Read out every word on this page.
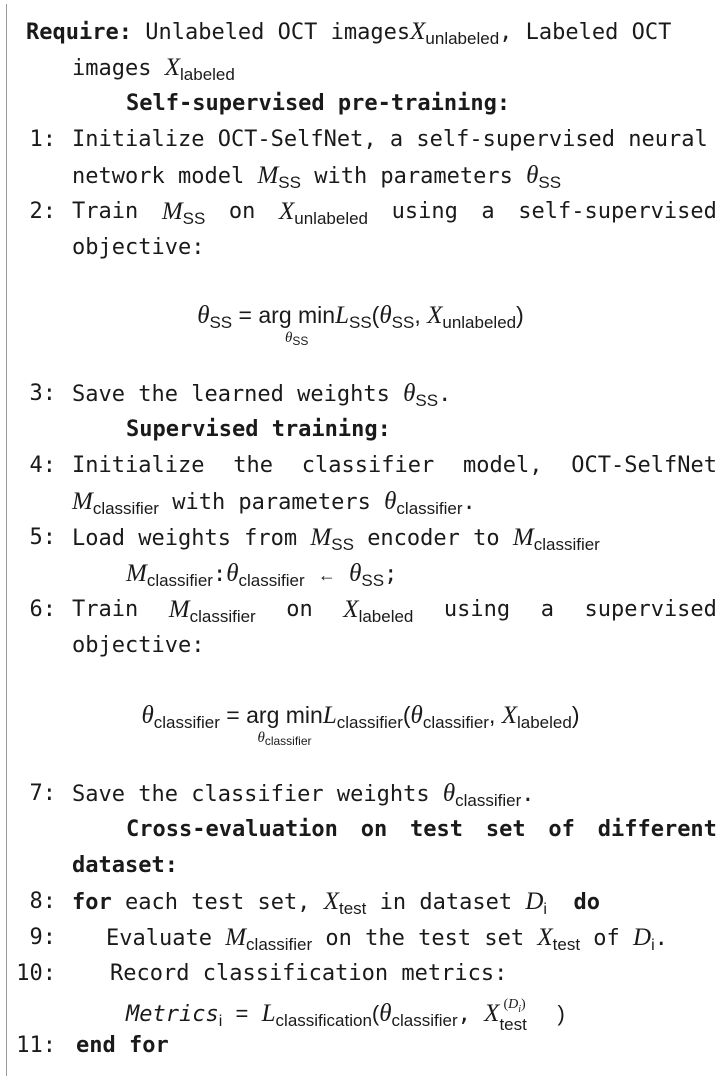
Require: Unlabeled OCT imagesX$_{unlabeled}$, Labeled OCT
images $X_{labeled}$
Self-supervised pre-training:
1: Initialize OCT-SelfNet, a self-supervised neural
network model $M_{SS}$ with parameters $\theta_{SS}$
2: Train $M_{SS}$ on $X_{unlabeled}$ using a self-supervised
objective:
$\theta_{SS}$ = arg min
$\theta_{SS}$
$L_{SS}(\theta_{SS}$, $X_{unlabeled}$)
3: Save the learned weights $\theta_{SS}$.
Supervised training:
4: Initialize the classifier model, OCT-SelfNet
$M_{classifier}$ with parameters $\theta_{classifier}$.
5: Load weights from $M_{SS}$ encoder to $M_{classifier}$
$M_{classifier}:\theta_{classifier}$ ← $\theta_{SS}$;
6: Train $M_{classifier}$ on $X_{labeled}$ using a supervised
objective:
$\theta_{classifier}$ = arg min
$\theta_{classifier}$
$L_{classifier}(\theta_{classifier}$, $X_{labeled}$)
7: Save the classifier weights $\theta_{classifier}$.
Cross-evaluation on test set of different
dataset:
8: for each test set, $X_{test}$ in dataset $D_i$ do
9: Evaluate $M_{classifier}$ on the test set $X_{test}$ of $D_i$.
10: Record classification metrics:
Metrics$_i$ = $L_{classification}(\theta_{classifier}$, X $(D_i)$
test )
11: end for
